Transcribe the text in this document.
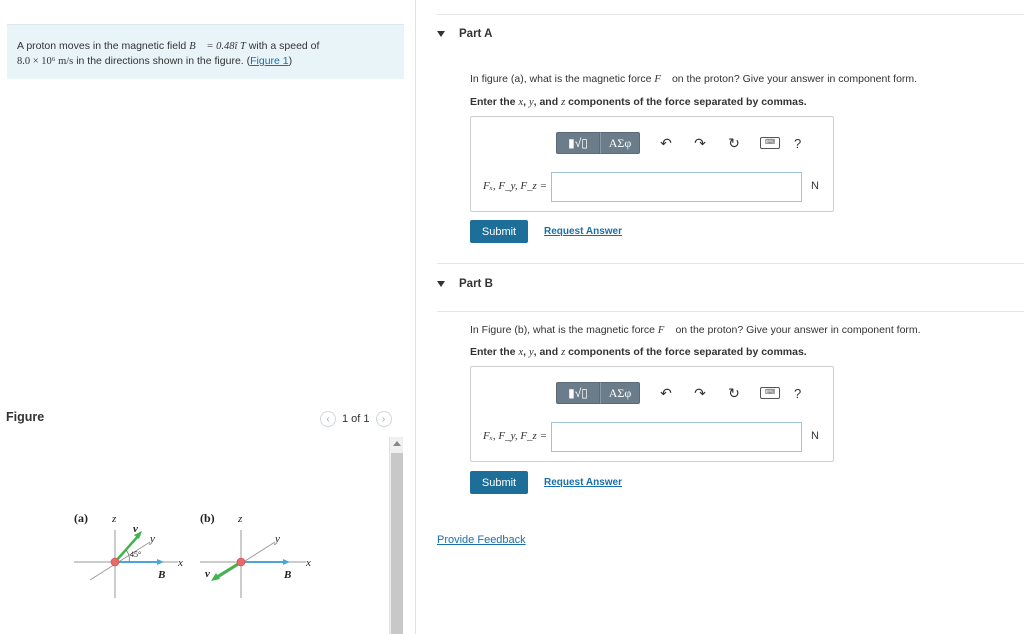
A proton moves in the magnetic field B⃗ = 0.48î T with a speed of
8.0 × 10⁶ m/s in the directions shown in the figure. (Figure 1)
Figure	‹	1 of 1	›
(a) z
y
x
v⃗
B⃗
45°
(b) z
y
x
v⃗	B⃗
Part A
In figure (a), what is the magnetic force F⃗ on the proton? Give your answer in component form.
Enter the x, y, and z components of the force separated by commas.
▮√▯	ΑΣφ	↶ ↷ ↻	⌨	?
Fₓ, F_y, F_z =	N
Submit	Request Answer
Part B
In Figure (b), what is the magnetic force F⃗ on the proton? Give your answer in component form.
Enter the x, y, and z components of the force separated by commas.
▮√▯	ΑΣφ	↶ ↷ ↻	⌨	?
Fₓ, F_y, F_z =	N
Submit	Request Answer
Provide Feedback
